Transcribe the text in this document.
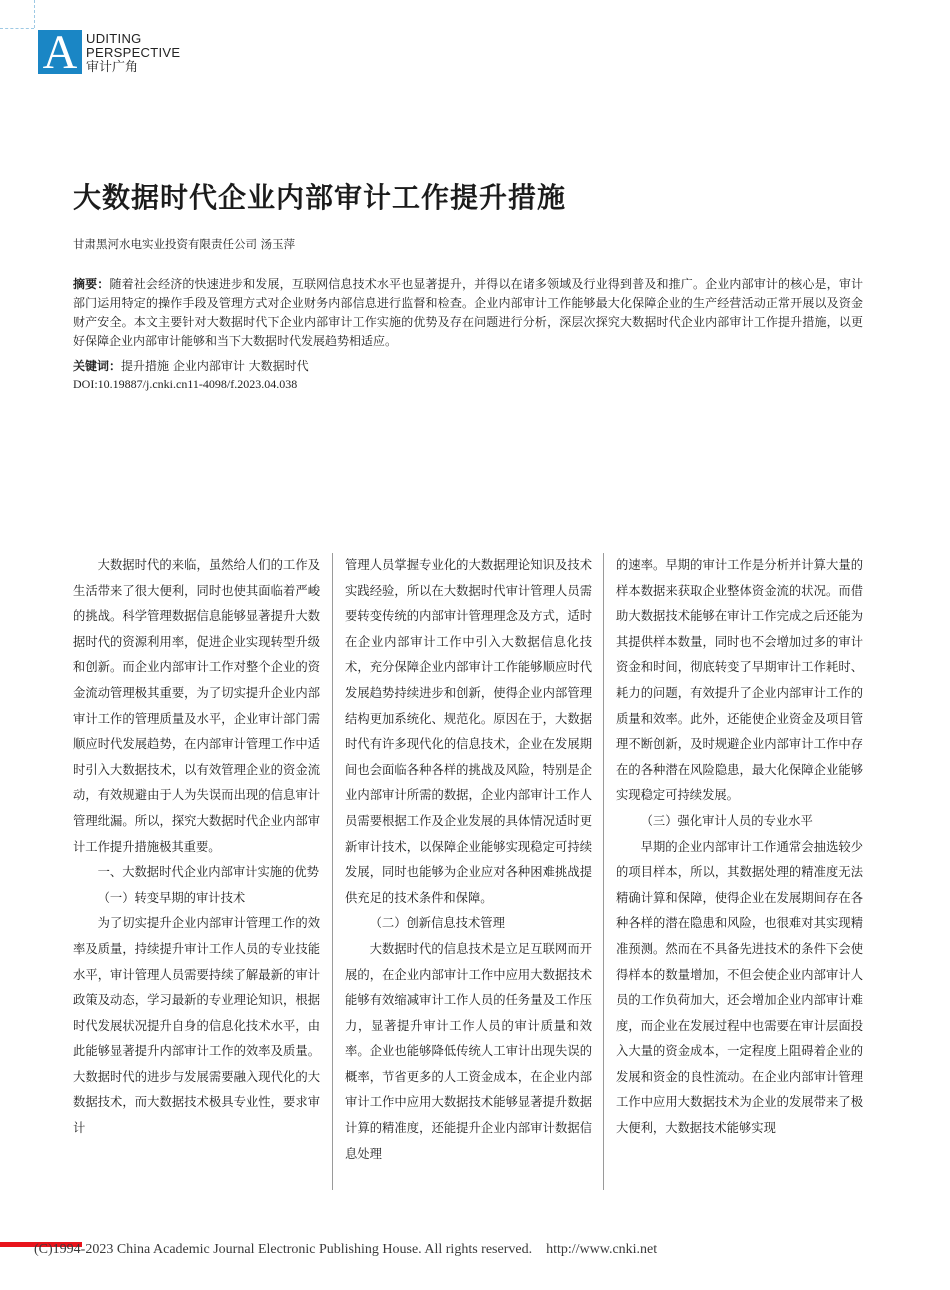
A UDITING
PERSPECTIVE
审计广角
大数据时代企业内部审计工作提升措施
甘肃黑河水电实业投资有限责任公司 汤玉萍
摘要：随着社会经济的快速进步和发展，互联网信息技术水平也显著提升，并得以在诸多领域及行业得到普及和推广。企业内部审计的核心是，审计部门运用特定的操作手段及管理方式对企业财务内部信息进行监督和检查。企业内部审计工作能够最大化保障企业的生产经营活动正常开展以及资金财产安全。本文主要针对大数据时代下企业内部审计工作实施的优势及存在问题进行分析，深层次探究大数据时代企业内部审计工作提升措施，以更好保障企业内部审计能够和当下大数据时代发展趋势相适应。
关键词：提升措施 企业内部审计 大数据时代
DOI:10.19887/j.cnki.cn11-4098/f.2023.04.038

大数据时代的来临，虽然给人们的工作及生活带来了很大便利，同时也使其面临着严峻的挑战。科学管理数据信息能够显著提升大数据时代的资源利用率，促进企业实现转型升级和创新。而企业内部审计工作对整个企业的资金流动管理极其重要，为了切实提升企业内部审计工作的管理质量及水平，企业审计部门需顺应时代发展趋势，在内部审计管理工作中适时引入大数据技术，以有效管理企业的资金流动，有效规避由于人为失误而出现的信息审计管理纰漏。所以，探究大数据时代企业内部审计工作提升措施极其重要。

一、大数据时代企业内部审计实施的优势

（一）转变早期的审计技术

为了切实提升企业内部审计管理工作的效率及质量，持续提升审计工作人员的专业技能水平，审计管理人员需要持续了解最新的审计政策及动态，学习最新的专业理论知识，根据时代发展状况提升自身的信息化技术水平，由此能够显著提升内部审计工作的效率及质量。大数据时代的进步与发展需要融入现代化的大数据技术，而大数据技术极具专业性，要求审计

管理人员掌握专业化的大数据理论知识及技术实践经验，所以在大数据时代审计管理人员需要转变传统的内部审计管理理念及方式，适时在企业内部审计工作中引入大数据信息化技术，充分保障企业内部审计工作能够顺应时代发展趋势持续进步和创新，使得企业内部管理结构更加系统化、规范化。原因在于，大数据时代有许多现代化的信息技术，企业在发展期间也会面临各种各样的挑战及风险，特别是企业内部审计所需的数据，企业内部审计工作人员需要根据工作及企业发展的具体情况适时更新审计技术，以保障企业能够实现稳定可持续发展，同时也能够为企业应对各种困难挑战提供充足的技术条件和保障。

（二）创新信息技术管理

大数据时代的信息技术是立足互联网而开展的，在企业内部审计工作中应用大数据技术能够有效缩减审计工作人员的任务量及工作压力，显著提升审计工作人员的审计质量和效率。企业也能够降低传统人工审计出现失误的概率，节省更多的人工资金成本，在企业内部审计工作中应用大数据技术能够显著提升数据计算的精准度，还能提升企业内部审计数据信息处理

的速率。早期的审计工作是分析并计算大量的样本数据来获取企业整体资金流的状况。而借助大数据技术能够在审计工作完成之后还能为其提供样本数量，同时也不会增加过多的审计资金和时间，彻底转变了早期审计工作耗时、耗力的问题，有效提升了企业内部审计工作的质量和效率。此外，还能使企业资金及项目管理不断创新，及时规避企业内部审计工作中存在的各种潜在风险隐患，最大化保障企业能够实现稳定可持续发展。

（三）强化审计人员的专业水平

早期的企业内部审计工作通常会抽选较少的项目样本，所以，其数据处理的精准度无法精确计算和保障，使得企业在发展期间存在各种各样的潜在隐患和风险，也很难对其实现精准预测。然而在不具备先进技术的条件下会使得样本的数量增加，不但会使企业内部审计人员的工作负荷加大，还会增加企业内部审计难度，而企业在发展过程中也需要在审计层面投入大量的资金成本，一定程度上阻碍着企业的发展和资金的良性流动。在企业内部审计管理工作中应用大数据技术为企业的发展带来了极大便利，大数据技术能够实现

168
(C)1994-2023 China Academic Journal Electronic Publishing House. All rights reserved.    http://www.cnki.net
